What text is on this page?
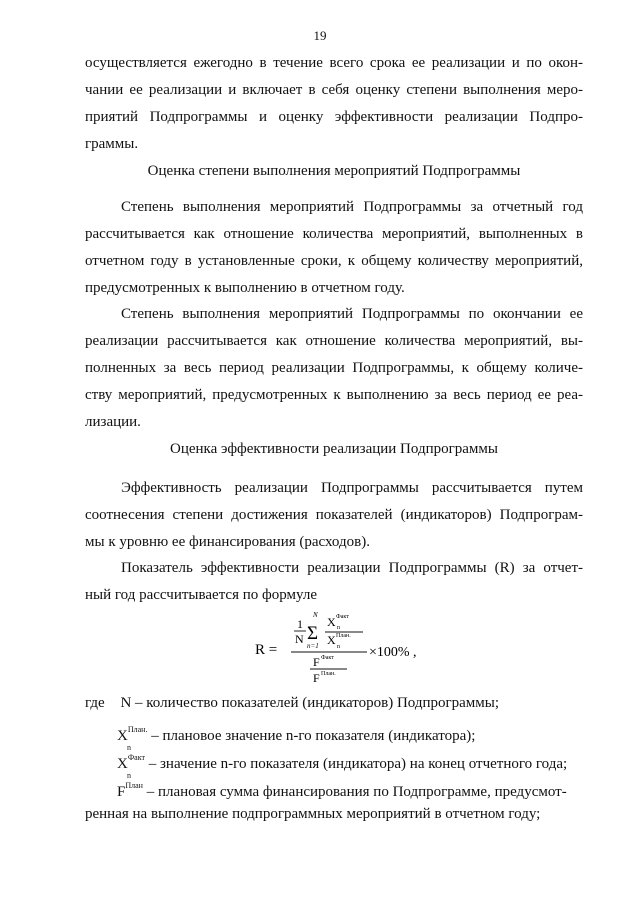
19
осуществляется ежегодно в течение всего срока ее реализации и по окон-
чании ее реализации и включает в себя оценку степени выполнения меро-
приятий Подпрограммы и оценку эффективности реализации Подпро-
граммы.
Оценка степени выполнения мероприятий Подпрограммы
Степень выполнения мероприятий Подпрограммы за отчетный год
рассчитывается как отношение количества мероприятий, выполненных в
отчетном году в установленные сроки, к общему количеству мероприятий,
предусмотренных к выполнению в отчетном году.
Степень выполнения мероприятий Подпрограммы по окончании ее
реализации рассчитывается как отношение количества мероприятий, вы-
полненных за весь период реализации Подпрограммы, к общему количе-
ству мероприятий, предусмотренных к выполнению за весь период ее реа-
лизации.
Оценка эффективности реализации Подпрограммы
Эффективность реализации Подпрограммы рассчитывается путем
соотнесения степени достижения показателей (индикаторов) Подпрограм-
мы к уровню ее финансирования (расходов).
Показатель эффективности реализации Подпрограммы (R) за отчет-
ный год рассчитывается по формуле
R =
1
N
N
Σ
n=1
X Факт
n
X План.
n
F Факт
F План.
×100% ,
где N – количество показателей (индикаторов) Подпрограммы;
$X^{План.}$
n
– плановое значение n-го показателя (индикатора);
$X^{Факт}$
n
– значение n-го показателя (индикатора) на конец отчетного года;
$F^{План}$ – плановая сумма финансирования по Подпрограмме, предусмот-
ренная на выполнение подпрограммных мероприятий в отчетном году;
